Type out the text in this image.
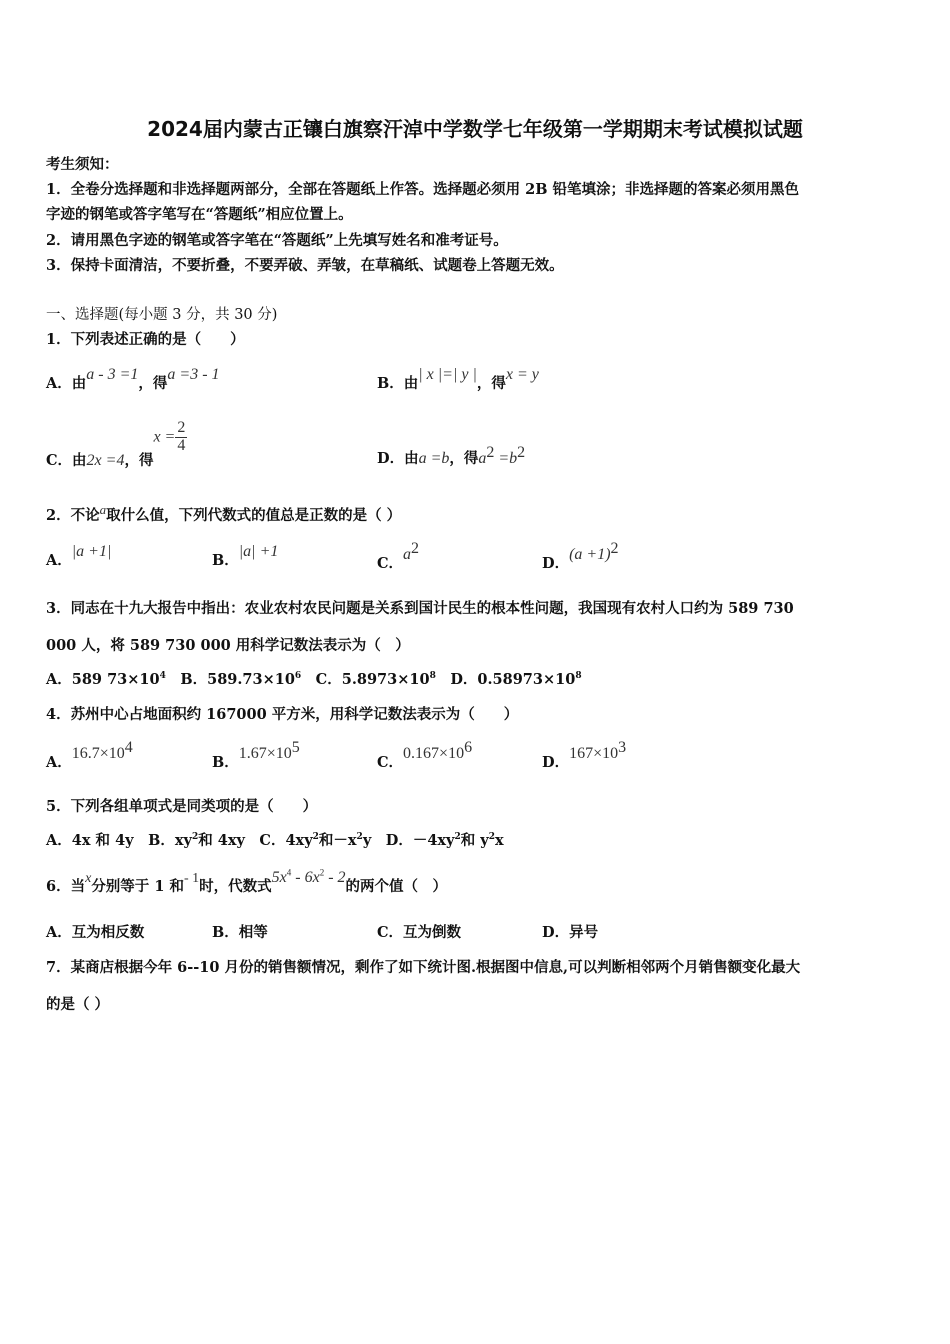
2024届内蒙古正镶白旗察汗淖中学数学七年级第一学期期末考试模拟试题
考生须知：
1．全卷分选择题和非选择题两部分，全部在答题纸上作答。选择题必须用 2B 铅笔填涂；非选择题的答案必须用黑色
字迹的钢笔或答字笔写在“答题纸”相应位置上。
2．请用黑色字迹的钢笔或答字笔在“答题纸”上先填写姓名和准考证号。
3．保持卡面清洁，不要折叠，不要弄破、弄皱，在草稿纸、试题卷上答题无效。
一、选择题(每小题 3 分，共 30 分)
1．下列表述正确的是（　　）
A．由a - 3 =1，得a =3 - 1
B．由| x |=| y |，得x = y
C．由2x =4，得$x = \frac{2}{4}$
D．由a =b，得$a^2 =b^2$
2．不论a取什么值，下列代数式的值总是正数的是（ ）
A．|a +1|
B．|a| +1
C．$a^2$
D．$(a +1)^2$
3．同志在十九大报告中指出：农业农村农民问题是关系到国计民生的根本性问题，我国现有农村人口约为 589 730
000 人，将 589 730 000 用科学记数法表示为（　）
A．589 $73\times 10^4$　B．$589.73\times 10^6$　C．$5.8973\times 10^8$　D．$0.58973\times 10^8$
4．苏州中心占地面积约 167000 平方米，用科学记数法表示为（　　）
A．$16.7\times 10^4$
B．$1.67\times 10^5$
C．$0.167\times 10^6$
D．$167\times 10^3$
5．下列各组单项式是同类项的是（　　）
A．4x 和 4y　B．$xy^2$和 4xy　C．$4xy^2$和$-x^2y$　D．$-4xy^2$和 $y^2x$
6．当x分别等于 1 和- 1时，代数式$5x^4 - 6x^2 - 2$的两个值（　）
A．互为相反数	B．相等	C．互为倒数	D．异号
7．某商店根据今年 6--10 月份的销售额情况，剩作了如下统计图.根据图中信息,可以判断相邻两个月销售额变化最大
的是（ ）
